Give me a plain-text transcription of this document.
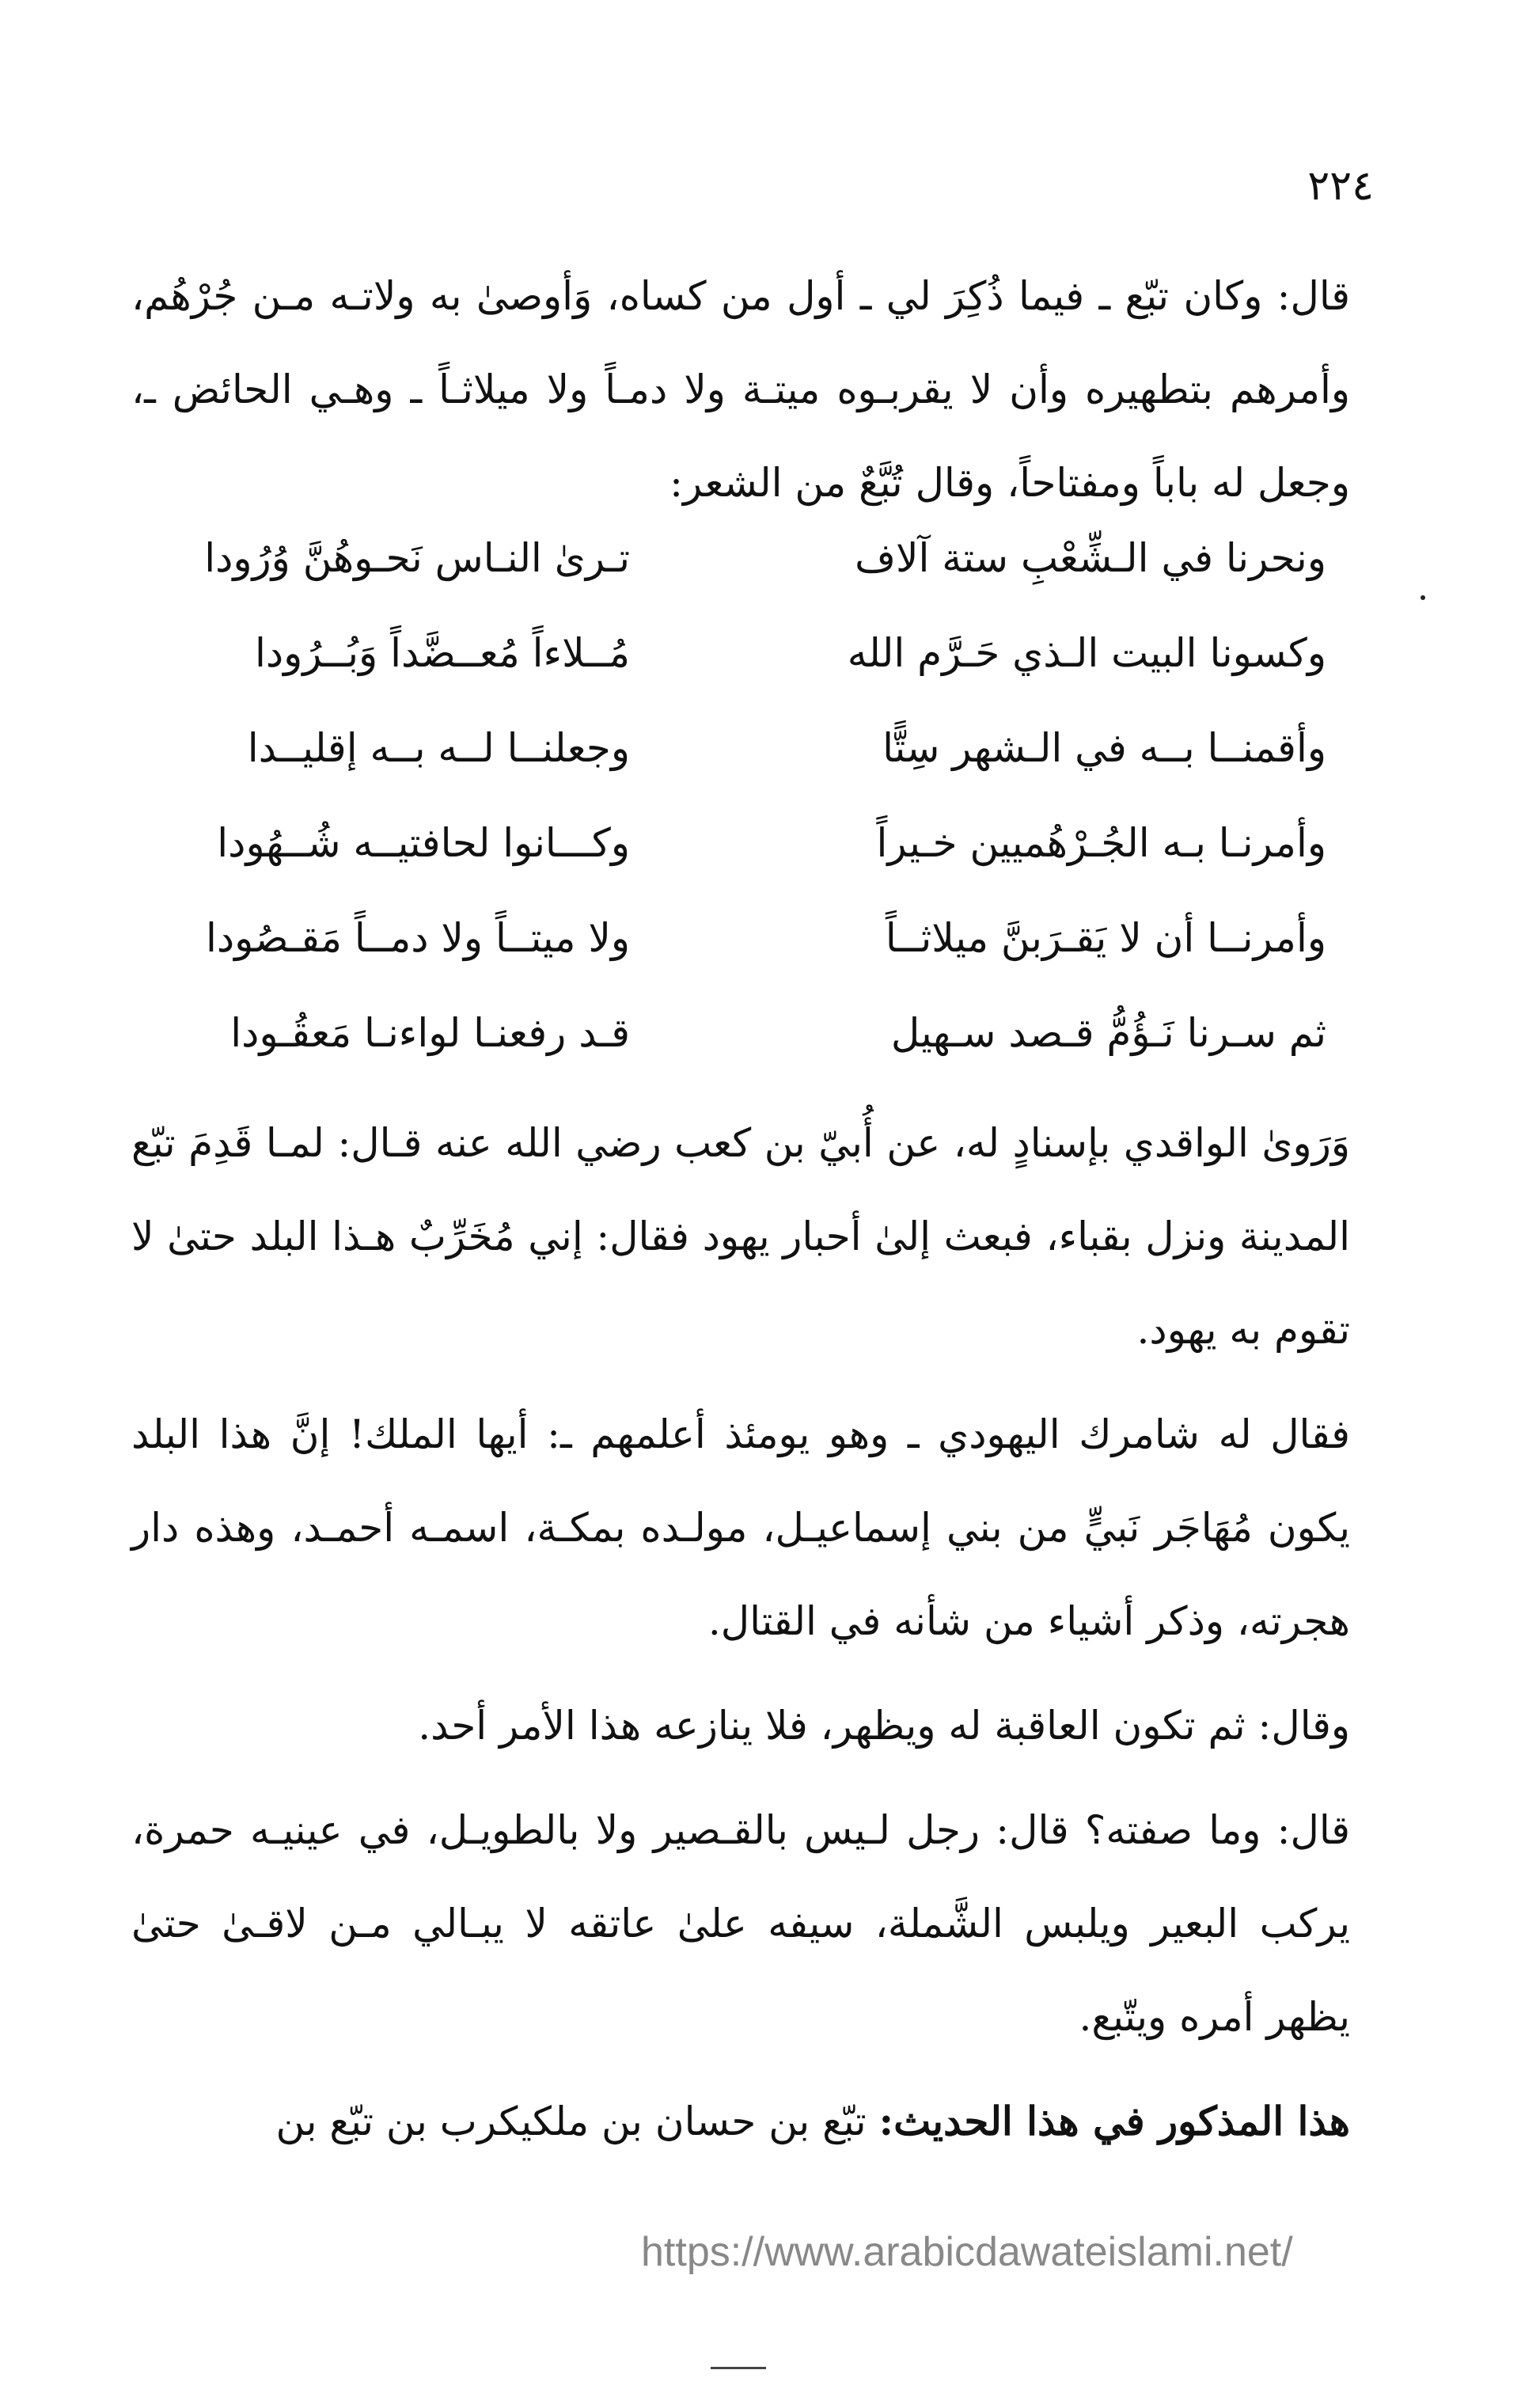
٢٢٤

قال: وكان تبّع ـ فيما ذُكِرَ لي ـ أول من كساه، وَأوصىٰ به ولاتـه مـن جُرْهُم، وأمرهم بتطهيره وأن لا يقربـوه ميتـة ولا دمـاً ولا ميلاثـاً ـ وهـي الحائض ـ، وجعل له باباً ومفتاحاً، وقال تُبَّعٌ من الشعر:

ونحرنا في الـشِّعْبِ ستة آلاف
تـرىٰ النـاس نَحـوهُنَّ وُرُودا
وكسونا البيت الـذي حَـرَّم الله
مُــلاءاً مُعــضَّداً وَبُــرُودا
وأقمنــا بــه في الـشهر سِتًّا
وجعلنــا لــه بــه إقليــدا
وأمرنـا بـه الجُـرْهُميين خـيراً
وكـــانوا لحافتيــه شُــهُودا
وأمرنــا أن لا يَقـرَبنَّ ميلاثــاً
ولا ميتــاً ولا دمــاً مَقـصُودا
ثم سـرنا نَـؤُمُّ قـصد سـهيل
قـد رفعنـا لواءنـا مَعقُـودا

وَرَوىٰ الواقدي بإسنادٍ له، عن أُبيّ بن كعب رضي الله عنه قـال: لمـا قَدِمَ تبّع المدينة ونزل بقباء، فبعث إلىٰ أحبار يهود فقال: إني مُخَرِّبٌ هـذا البلد حتىٰ لا تقوم به يهود.

فقال له شامرك اليهودي ـ وهو يومئذ أعلمهم ـ: أيها الملك! إنَّ هذا البلد يكون مُهَاجَر نَبيٍّ من بني إسماعيـل، مولـده بمكـة، اسمـه أحمـد، وهذه دار هجرته، وذكر أشياء من شأنه في القتال.

وقال: ثم تكون العاقبة له ويظهر، فلا ينازعه هذا الأمر أحد.

قال: وما صفته؟ قال: رجل لـيس بالقـصير ولا بالطويـل، في عينيـه حمرة، يركب البعير ويلبس الشَّملة، سيفه علىٰ عاتقه لا يبـالي مـن لاقـىٰ حتىٰ يظهر أمره ويتّبع.

هذا المذكور في هذا الحديث: تبّع بن حسان بن ملكيكرب بن تبّع بن

https://www.arabicdawateislami.net/
